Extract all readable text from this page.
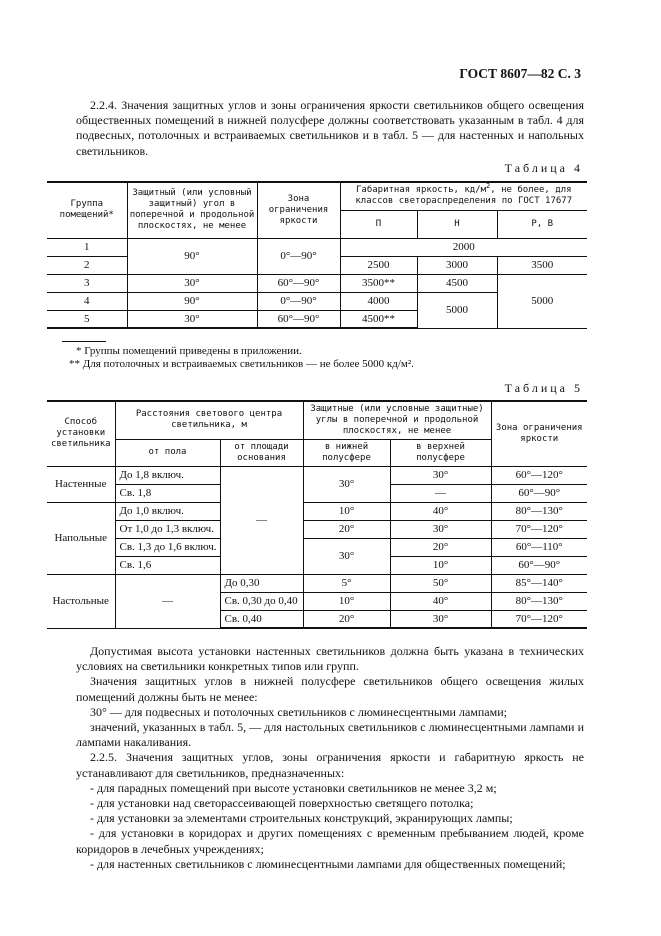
ГОСТ 8607—82 С. 3

2.2.4. Значения защитных углов и зоны ограничения яркости светильников общего освещения общественных помещений в нижней полусфере должны соответствовать указанным в табл. 4 для подвесных, потолочных и встраиваемых светильников и в табл. 5 — для настенных и напольных светильников.

Таблица 4
Группа помещений*	Защитный (или условный защитный) угол в поперечной и продольной плоскостях, не менее	Зона ограничения яркости	Габаритная яркость, $кд/м^2$, не более, для классов светораспределения по ГОСТ 17677		
			П	Н	Р, В
1	90°	0°—90°	2000		
2			2500	3000	3500
3	30°	60°—90°	3500**	4500	5000
4	90°	0°—90°	4000	5000	
5	30°	60°—90°	4500**		
* Группы помещений приведены в приложении.
** Для потолочных и встраиваемых светильников — не более 5000 кд/м².
Таблица 5
Способ установки светильника	Расстояния светового центра светильника, м		Защитные (или условные защитные) углы в поперечной и продольной плоскостях, не менее		Зона ограничения яркости
	от пола	от площади основания	в нижней полусфере	в верхней полусфере	
Настенные	До 1,8 включ.	—	30°	30°	60°—120°
	Св. 1,8			—	60°—90°
Напольные	До 1,0 включ.		10°	40°	80°—130°
	От 1,0 до 1,3 включ.		20°	30°	70°—120°
	Св. 1,3 до 1,6 включ.		30°	20°	60°—110°
	Св. 1,6			10°	60°—90°
Настольные	—	До 0,30	5°	50°	85°—140°
		Св. 0,30 до 0,40	10°	40°	80°—130°
		Св. 0,40	20°	30°	70°—120°

Допустимая высота установки настенных светильников должна быть указана в технических условиях на светильники конкретных типов или групп.

Значения защитных углов в нижней полусфере светильников общего освещения жилых помещений должны быть не менее:

30° — для подвесных и потолочных светильников с люминесцентными лампами;

значений, указанных в табл. 5, — для настольных светильников с люминесцентными лампами и лампами накаливания.

2.2.5. Значения защитных углов, зоны ограничения яркости и габаритную яркость не устанавливают для светильников, предназначенных:

- для парадных помещений при высоте установки светильников не менее 3,2 м;

- для установки над светорассеивающей поверхностью светящего потолка;

- для установки за элементами строительных конструкций, экранирующих лампы;

- для установки в коридорах и других помещениях с временным пребыванием людей, кроме коридоров в лечебных учреждениях;

- для настенных светильников с люминесцентными лампами для общественных помещений;
